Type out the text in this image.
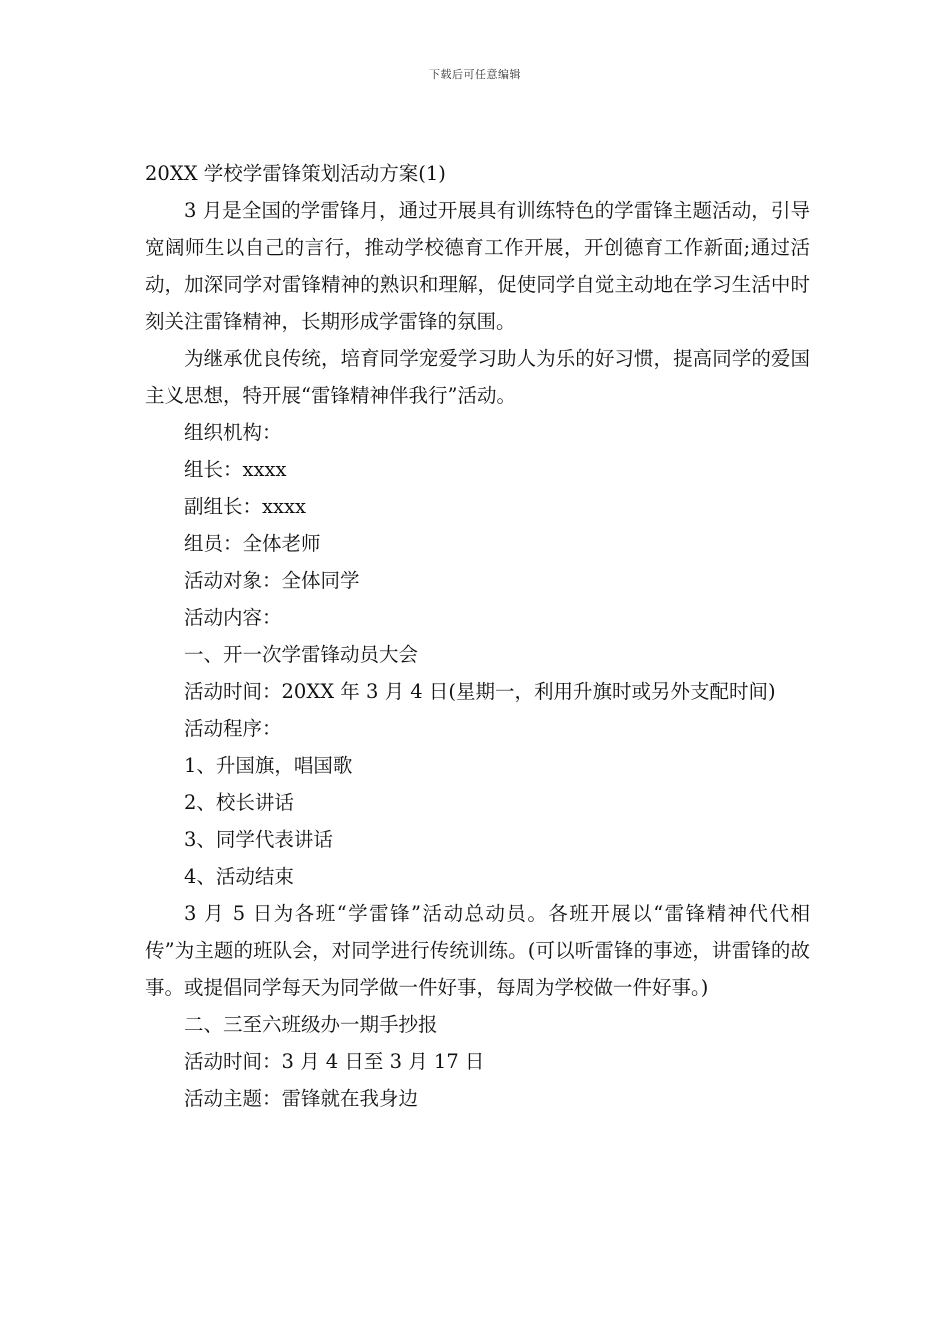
下载后可任意编辑
20XX 学校学雷锋策划活动方案(1)

3 月是全国的学雷锋月，通过开展具有训练特色的学雷锋主题活动，引导宽阔师生以自己的言行，推动学校德育工作开展，开创德育工作新面;通过活动，加深同学对雷锋精神的熟识和理解，促使同学自觉主动地在学习生活中时刻关注雷锋精神，长期形成学雷锋的氛围。

为继承优良传统，培育同学宠爱学习助人为乐的好习惯，提高同学的爱国主义思想，特开展“雷锋精神伴我行”活动。

组织机构：

组长：xxxx

副组长：xxxx

组员：全体老师

活动对象：全体同学

活动内容：

一、开一次学雷锋动员大会

活动时间：20XX 年 3 月 4 日(星期一，利用升旗时或另外支配时间)

活动程序：

1、升国旗，唱国歌

2、校长讲话

3、同学代表讲话

4、活动结束

3 月 5 日为各班“学雷锋”活动总动员。各班开展以“雷锋精神代代相传”为主题的班队会，对同学进行传统训练。(可以听雷锋的事迹，讲雷锋的故事。或提倡同学每天为同学做一件好事，每周为学校做一件好事。)

二、三至六班级办一期手抄报

活动时间：3 月 4 日至 3 月 17 日

活动主题：雷锋就在我身边
